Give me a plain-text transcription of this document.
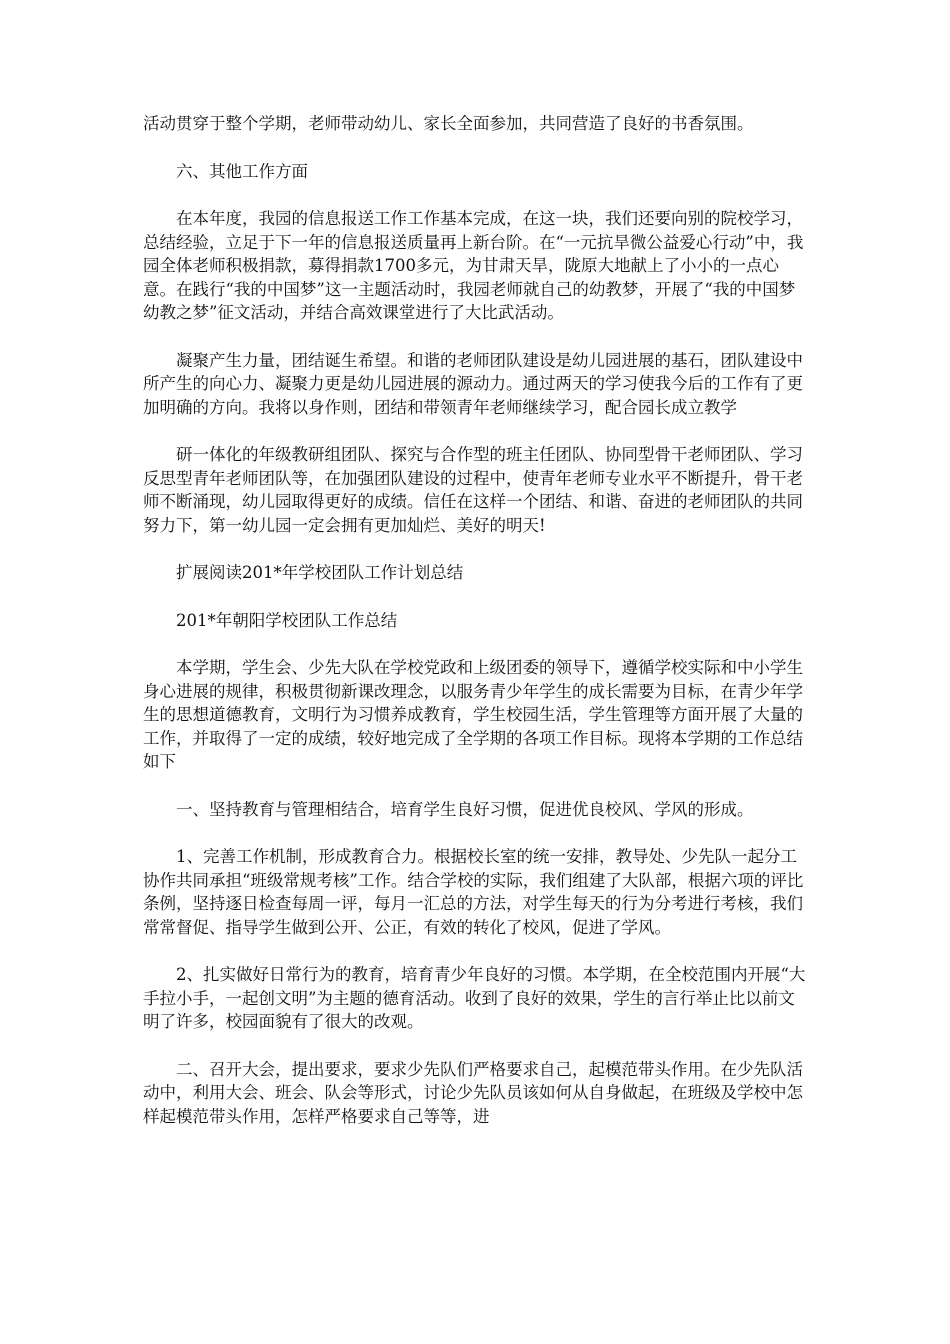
活动贯穿于整个学期，老师带动幼儿、家长全面参加，共同营造了良好的书香氛围。

六、其他工作方面

在本年度，我园的信息报送工作工作基本完成，在这一块，我们还要向别的院校学习，总结经验，立足于下一年的信息报送质量再上新台阶。在“一元抗旱微公益爱心行动”中，我园全体老师积极捐款，募得捐款1700多元，为甘肃天旱，陇原大地献上了小小的一点心意。在践行“我的中国梦”这一主题活动时，我园老师就自己的幼教梦，开展了“我的中国梦幼教之梦”征文活动，并结合高效课堂进行了大比武活动。

凝聚产生力量，团结诞生希望。和谐的老师团队建设是幼儿园进展的基石，团队建设中所产生的向心力、凝聚力更是幼儿园进展的源动力。通过两天的学习使我今后的工作有了更加明确的方向。我将以身作则，团结和带领青年老师继续学习，配合园长成立教学

研一体化的年级教研组团队、探究与合作型的班主任团队、协同型骨干老师团队、学习反思型青年老师团队等，在加强团队建设的过程中，使青年老师专业水平不断提升，骨干老师不断涌现，幼儿园取得更好的成绩。信任在这样一个团结、和谐、奋进的老师团队的共同努力下，第一幼儿园一定会拥有更加灿烂、美好的明天!

扩展阅读201*年学校团队工作计划总结

201*年朝阳学校团队工作总结

本学期，学生会、少先大队在学校党政和上级团委的领导下，遵循学校实际和中小学生身心进展的规律，积极贯彻新课改理念，以服务青少年学生的成长需要为目标，在青少年学生的思想道德教育，文明行为习惯养成教育，学生校园生活，学生管理等方面开展了大量的工作，并取得了一定的成绩，较好地完成了全学期的各项工作目标。现将本学期的工作总结如下

一、坚持教育与管理相结合，培育学生良好习惯，促进优良校风、学风的形成。

1、完善工作机制，形成教育合力。根据校长室的统一安排，教导处、少先队一起分工协作共同承担“班级常规考核”工作。结合学校的实际，我们组建了大队部，根据六项的评比条例，坚持逐日检查每周一评，每月一汇总的方法，对学生每天的行为分考进行考核，我们常常督促、指导学生做到公开、公正，有效的转化了校风，促进了学风。

2、扎实做好日常行为的教育，培育青少年良好的习惯。本学期，在全校范围内开展“大手拉小手，一起创文明”为主题的德育活动。收到了良好的效果，学生的言行举止比以前文明了许多，校园面貌有了很大的改观。

二、召开大会，提出要求，要求少先队们严格要求自己，起模范带头作用。在少先队活动中，利用大会、班会、队会等形式，讨论少先队员该如何从自身做起，在班级及学校中怎样起模范带头作用，怎样严格要求自己等等，进
